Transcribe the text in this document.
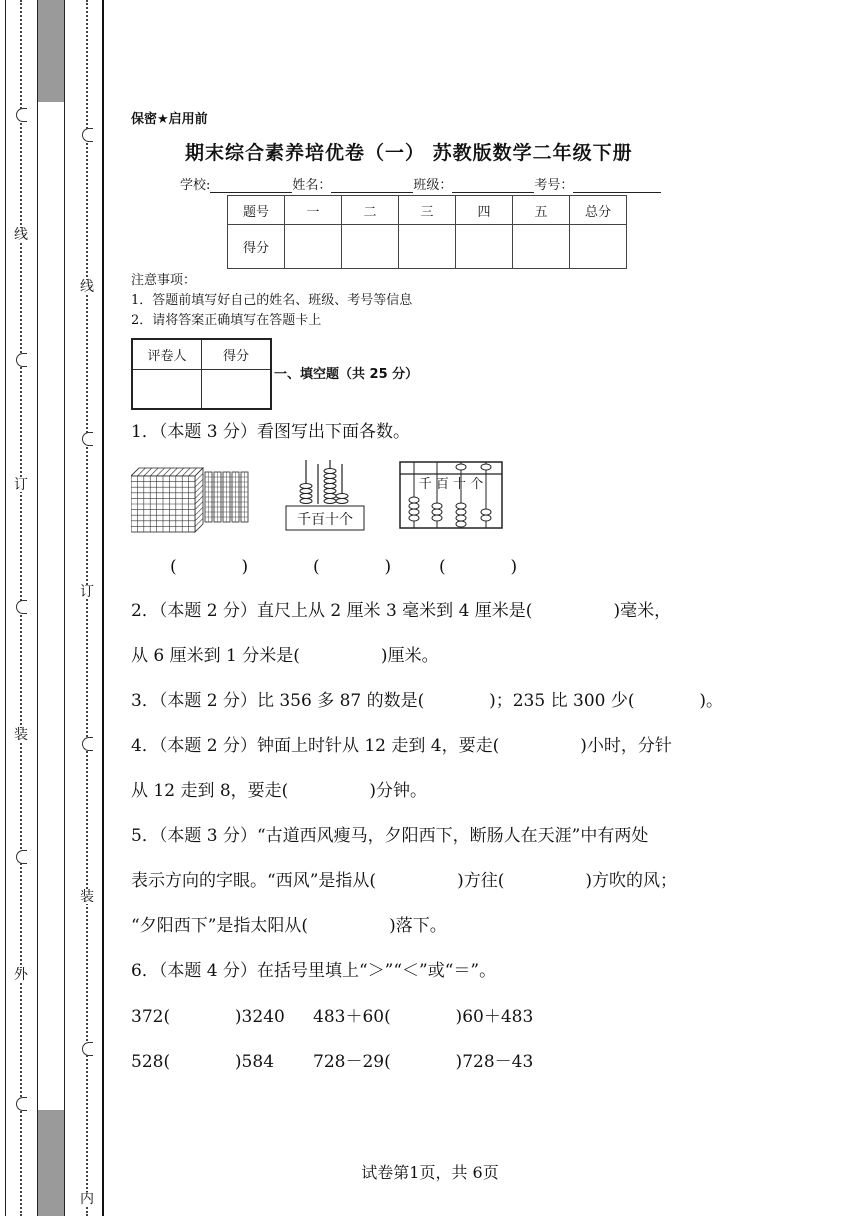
线
订
装
外
线
订
装
内
保密★启用前
期末综合素养培优卷（一） 苏教版数学二年级下册
学校:	姓名：	班级：	考号：
题号	一	二	三	四	五	总分
得分						
注意事项：
1．答题前填写好自己的姓名、班级、考号等信息
2．请将答案正确填写在答题卡上
评卷人	得分

一、填空题（共 25 分）
1．（本题 3 分）看图写出下面各数。
千百十个
千 百 十 个
(            )	(            )	(            )
2．（本题 2 分）直尺上从 2 厘米 3 毫米到 4 厘米是(               )毫米，
从 6 厘米到 1 分米是(               )厘米。
3．（本题 2 分）比 356 多 87 的数是(            )；235 比 300 少(            )。
4．（本题 2 分）钟面上时针从 12 走到 4，要走(               )小时，分针
从 12 走到 8，要走(               )分钟。
5．（本题 3 分）“古道西风瘦马，夕阳西下，断肠人在天涯”中有两处
表示方向的字眼。“西风”是指从(               )方往(               )方吹的风；
“夕阳西下”是指太阳从(               )落下。
6．（本题 4 分）在括号里填上“＞”“＜”或“＝”。
372(            )3240 483＋60(            )60＋483
528(            )584 728－29(            )728－43
试卷第1页，共 6页
